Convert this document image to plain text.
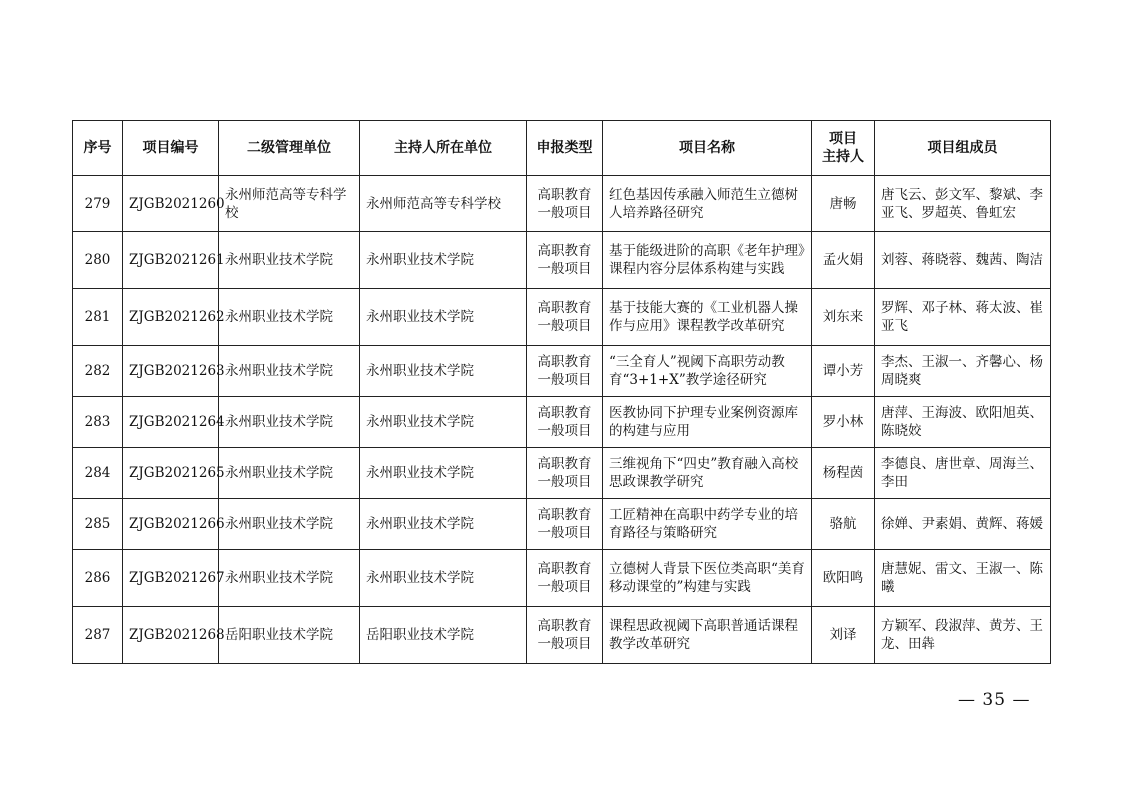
序号	项目编号	二级管理单位	主持人所在单位	申报类型	项目名称	项目
主持人	项目组成员
279	ZJGB2021260	永州师范高等专科学校	永州师范高等专科学校	高职教育一般项目	红色基因传承融入师范生立德树人培养路径研究	唐畅	唐飞云、彭文军、黎斌、李亚飞、罗超英、鲁虹宏
280	ZJGB2021261	永州职业技术学院	永州职业技术学院	高职教育一般项目	基于能级进阶的高职《老年护理》课程内容分层体系构建与实践	孟火娟	刘蓉、蒋晓蓉、魏茜、陶洁
281	ZJGB2021262	永州职业技术学院	永州职业技术学院	高职教育一般项目	基于技能大赛的《工业机器人操作与应用》课程教学改革研究	刘东来	罗辉、邓子林、蒋太波、崔亚飞
282	ZJGB2021263	永州职业技术学院	永州职业技术学院	高职教育一般项目	“三全育人”视阈下高职劳动教育“3+1+X”教学途径研究	谭小芳	李杰、王淑一、齐馨心、杨周晓爽
283	ZJGB2021264	永州职业技术学院	永州职业技术学院	高职教育一般项目	医教协同下护理专业案例资源库的构建与应用	罗小林	唐萍、王海波、欧阳旭英、陈晓姣
284	ZJGB2021265	永州职业技术学院	永州职业技术学院	高职教育一般项目	三维视角下“四史”教育融入高校思政课教学研究	杨程茵	李德良、唐世章、周海兰、李田
285	ZJGB2021266	永州职业技术学院	永州职业技术学院	高职教育一般项目	工匠精神在高职中药学专业的培育路径与策略研究	骆航	徐婵、尹素娟、黄辉、蒋媛
286	ZJGB2021267	永州职业技术学院	永州职业技术学院	高职教育一般项目	立德树人背景下医位类高职“美育移动课堂的”构建与实践	欧阳鸣	唐慧妮、雷文、王淑一、陈曦
287	ZJGB2021268	岳阳职业技术学院	岳阳职业技术学院	高职教育一般项目	课程思政视阈下高职普通话课程教学改革研究	刘译	方颖军、段淑萍、黄芳、王龙、田犇
— 35 —
